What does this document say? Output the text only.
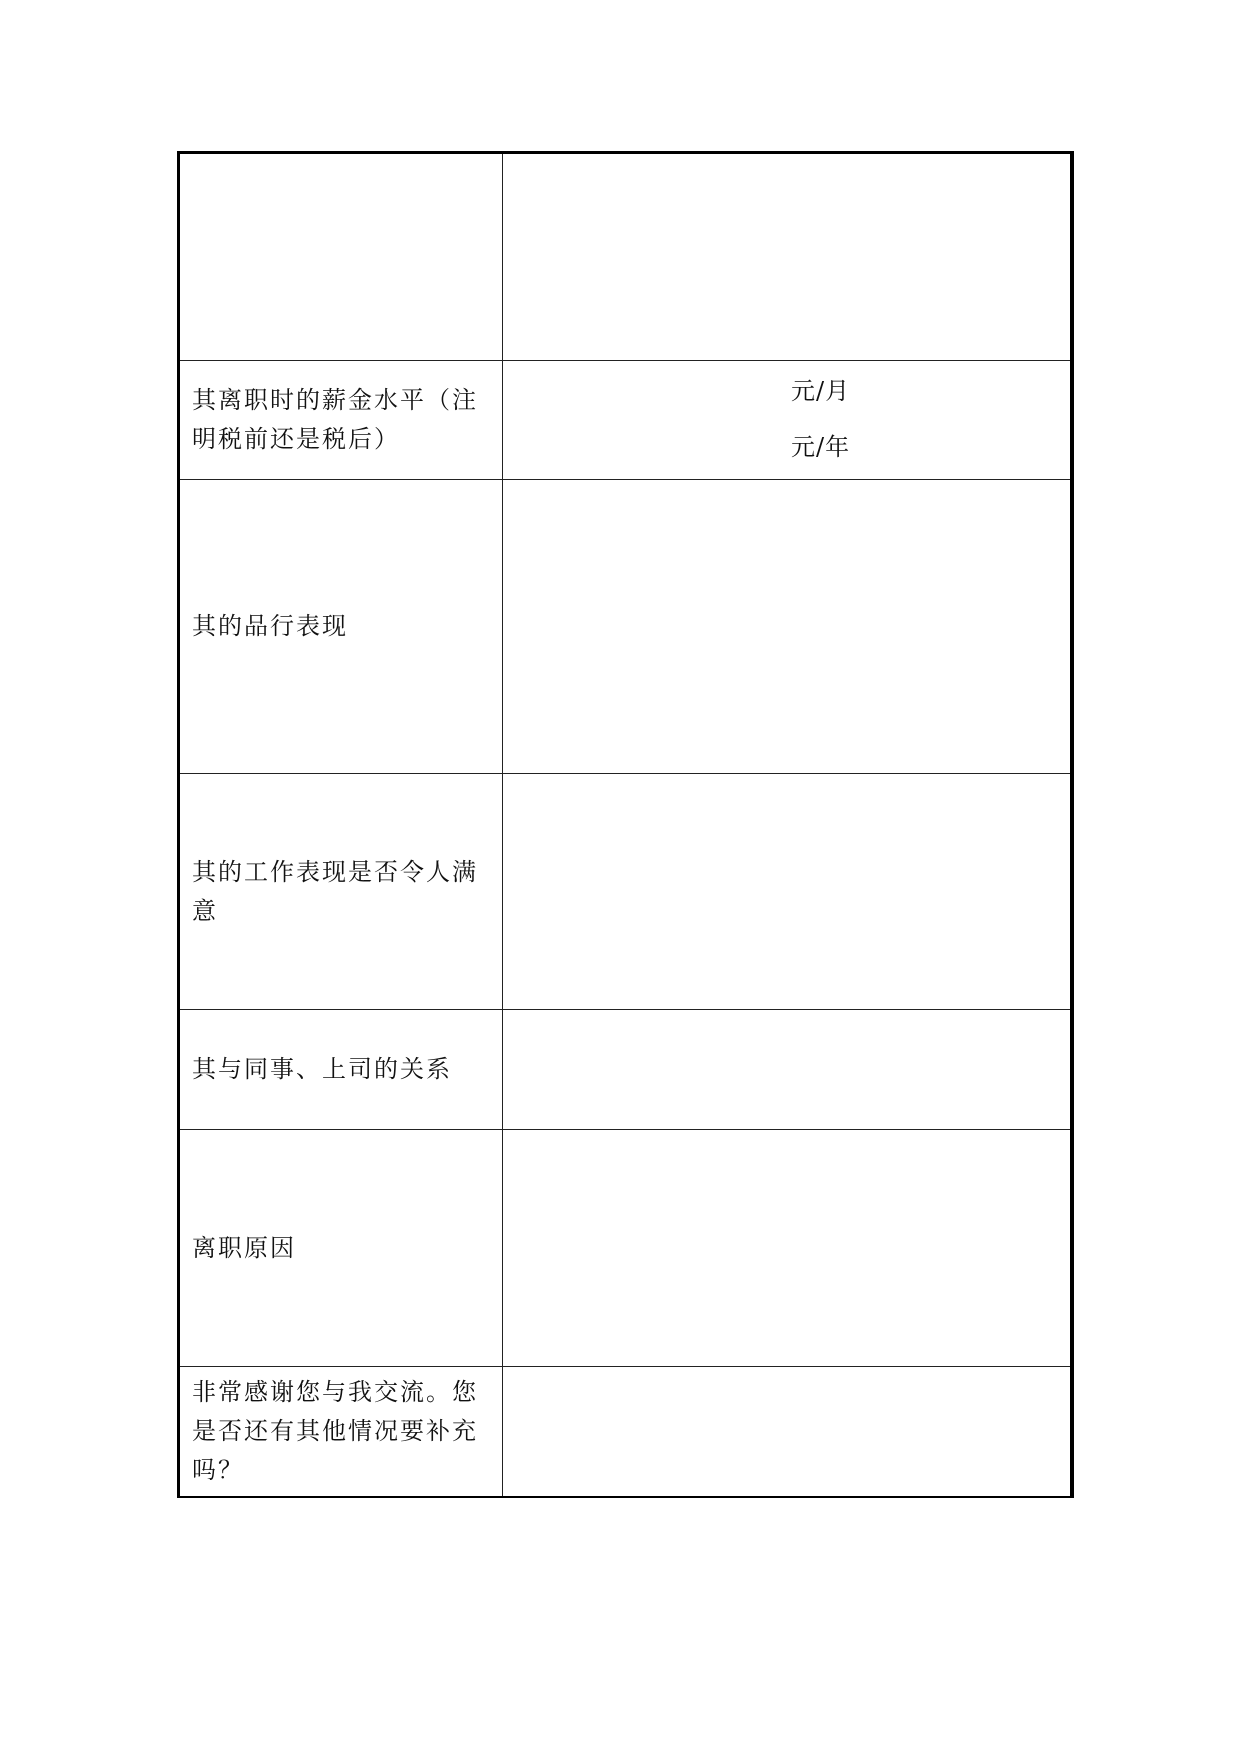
其离职时的薪金水平（注明税前还是税后）	元/月
元/年

其的品行表现	

其的工作表现是否令人满意	

其与同事、上司的关系	

离职原因	

非常感谢您与我交流。您是否还有其他情况要补充吗？	
